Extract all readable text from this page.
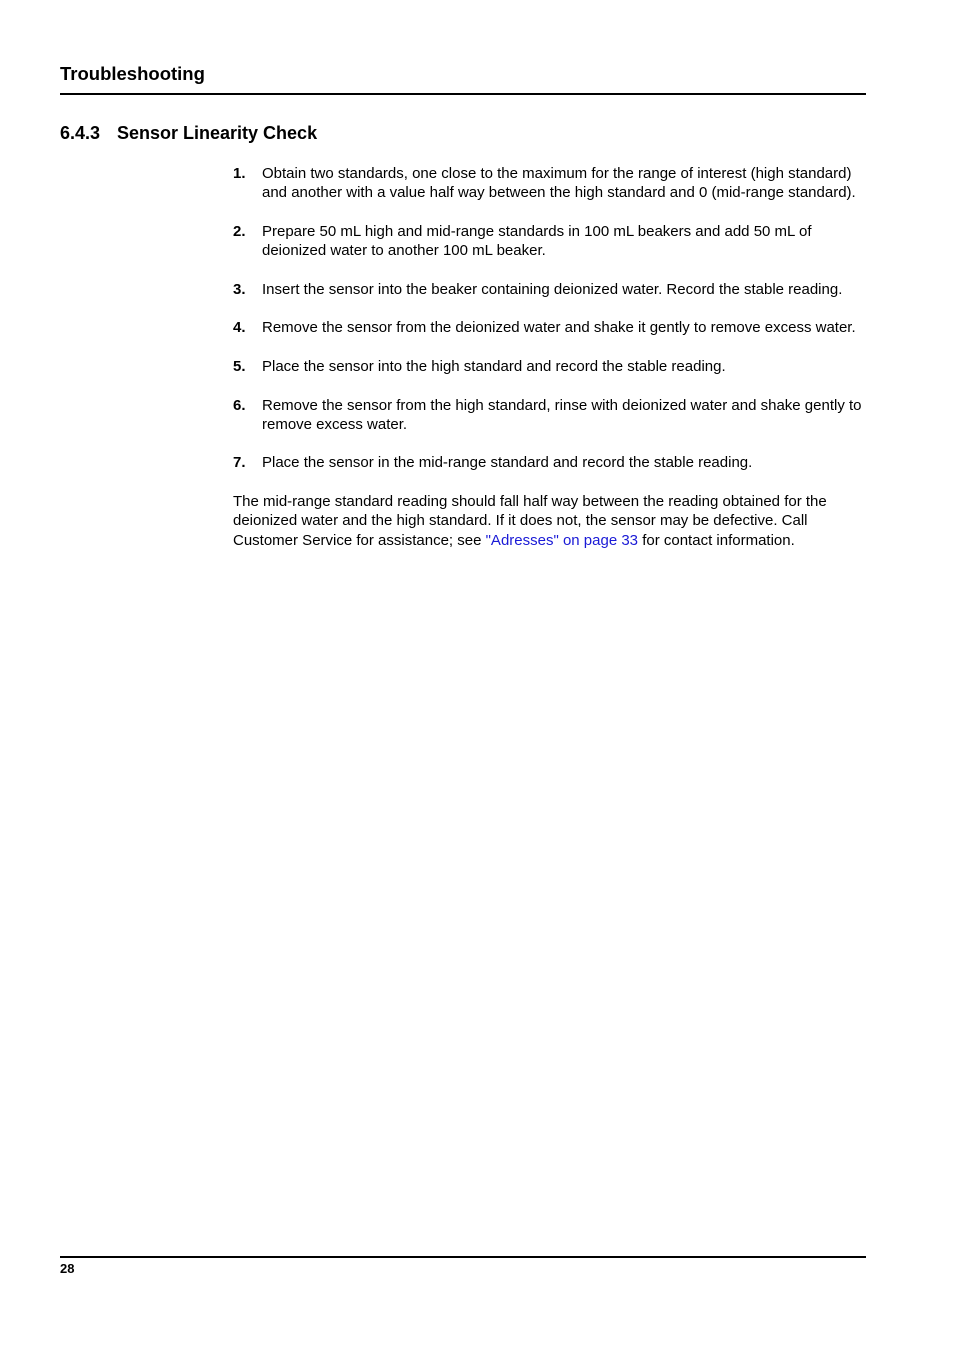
Troubleshooting
6.4.3 Sensor Linearity Check
1. Obtain two standards, one close to the maximum for the range of interest (high standard) and another with a value half way between the high standard and 0 (mid-range standard).
2. Prepare 50 mL high and mid-range standards in 100 mL beakers and add 50 mL of deionized water to another 100 mL beaker.
3. Insert the sensor into the beaker containing deionized water. Record the stable reading.
4. Remove the sensor from the deionized water and shake it gently to remove excess water.
5. Place the sensor into the high standard and record the stable reading.
6. Remove the sensor from the high standard, rinse with deionized water and shake gently to remove excess water.
7. Place the sensor in the mid-range standard and record the stable reading.

The mid-range standard reading should fall half way between the reading obtained for the deionized water and the high standard. If it does not, the sensor may be defective. Call Customer Service for assistance; see "Adresses" on page 33 for contact information.

28
